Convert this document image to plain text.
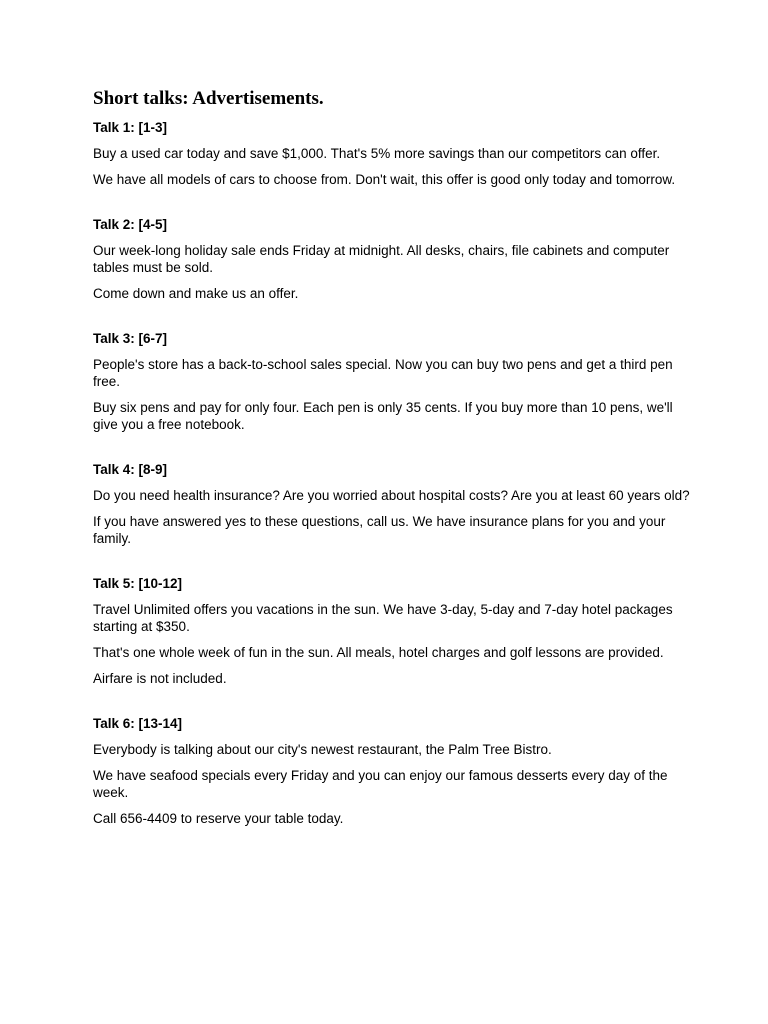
Short talks: Advertisements.

Talk 1: [1-3]

Buy a used car today and save $1,000. That's 5% more savings than our competitors can offer.

We have all models of cars to choose from. Don't wait, this offer is good only today and tomorrow.

Talk 2: [4-5]

Our week-long holiday sale ends Friday at midnight. All desks, chairs, file cabinets and computer tables must be sold.

Come down and make us an offer.

Talk 3: [6-7]

People's store has a back-to-school sales special. Now you can buy two pens and get a third pen free.

Buy six pens and pay for only four. Each pen is only 35 cents. If you buy more than 10 pens, we'll give you a free notebook.

Talk 4: [8-9]

Do you need health insurance? Are you worried about hospital costs? Are you at least 60 years old?

If you have answered yes to these questions, call us. We have insurance plans for you and your family.

Talk 5: [10-12]

Travel Unlimited offers you vacations in the sun. We have 3-day, 5-day and 7-day hotel packages starting at $350.

That's one whole week of fun in the sun. All meals, hotel charges and golf lessons are provided.

Airfare is not included.

Talk 6: [13-14]

Everybody is talking about our city's newest restaurant, the Palm Tree Bistro.

We have seafood specials every Friday and you can enjoy our famous desserts every day of the week.

Call 656-4409 to reserve your table today.
